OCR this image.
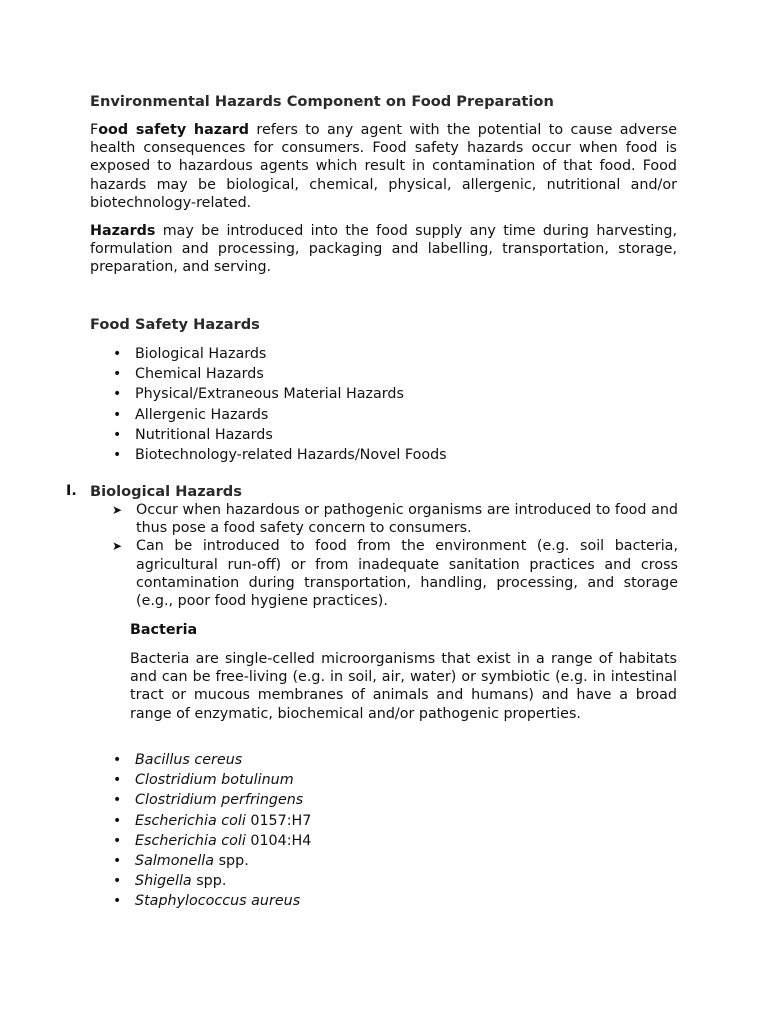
Environmental Hazards Component on Food Preparation

Food safety hazard refers to any agent with the potential to cause adverse health consequences for consumers. Food safety hazards occur when food is exposed to hazardous agents which result in contamination of that food. Food hazards may be biological, chemical, physical, allergenic, nutritional and/or biotechnology-related.

Hazards may be introduced into the food supply any time during harvesting, formulation and processing, packaging and labelling, transportation, storage, preparation, and serving.

Food Safety Hazards
• Biological Hazards
• Chemical Hazards
• Physical/Extraneous Material Hazards
• Allergenic Hazards
• Nutritional Hazards
• Biotechnology-related Hazards/Novel Foods
I. Biological Hazards
➤ Occur when hazardous or pathogenic organisms are introduced to food and thus pose a food safety concern to consumers.
➤ Can be introduced to food from the environment (e.g. soil bacteria, agricultural run-off) or from inadequate sanitation practices and cross contamination during transportation, handling, processing, and storage (e.g., poor food hygiene practices).
Bacteria

Bacteria are single-celled microorganisms that exist in a range of habitats and can be free-living (e.g. in soil, air, water) or symbiotic (e.g. in intestinal tract or mucous membranes of animals and humans) and have a broad range of enzymatic, biochemical and/or pathogenic properties.

• Bacillus cereus
• Clostridium botulinum
• Clostridium perfringens
• Escherichia coli 0157:H7
• Escherichia coli 0104:H4
• Salmonella spp.
• Shigella spp.
• Staphylococcus aureus
